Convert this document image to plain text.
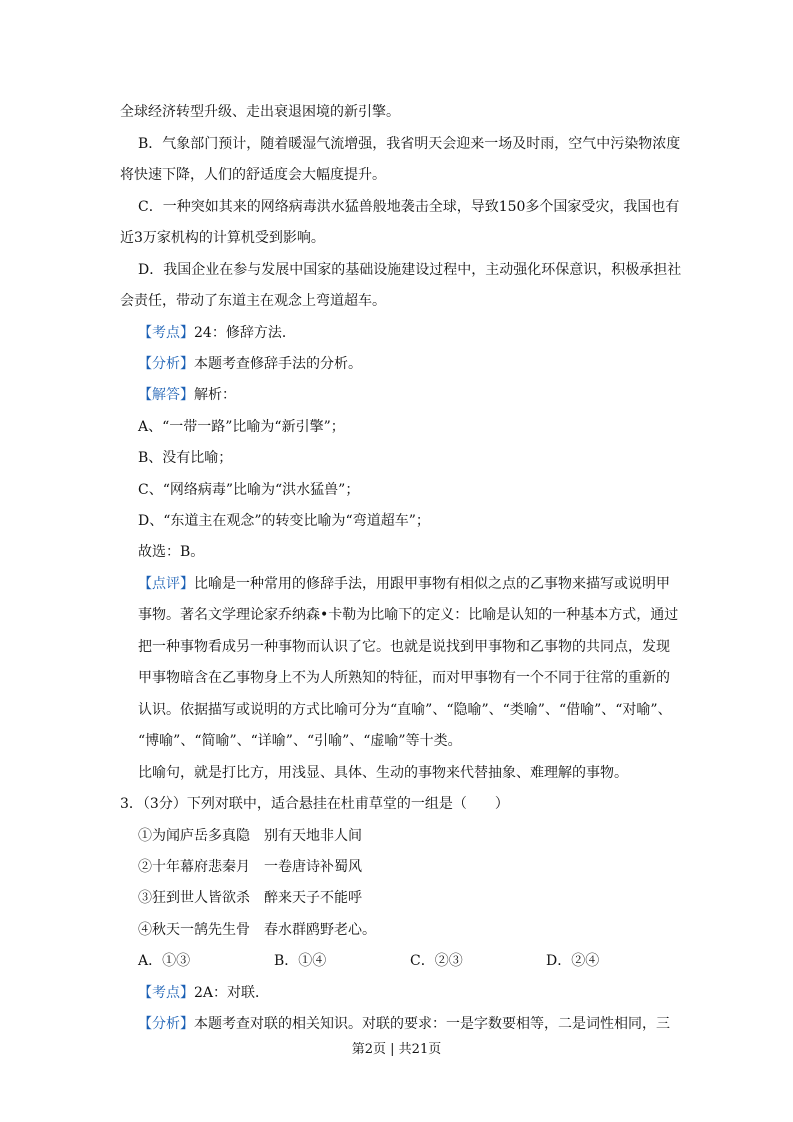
全球经济转型升级、走出衰退困境的新引擎。
B．气象部门预计，随着暖湿气流增强，我省明天会迎来一场及时雨，空气中污染物浓度
将快速下降，人们的舒适度会大幅度提升。
C．一种突如其来的网络病毒洪水猛兽般地袭击全球，导致150多个国家受灾，我国也有
近3万家机构的计算机受到影响。
D．我国企业在参与发展中国家的基础设施建设过程中，主动强化环保意识，积极承担社
会责任，带动了东道主在观念上弯道超车。
【考点】24：修辞方法．
【分析】本题考查修辞手法的分析。
【解答】解析：
A、“一带一路”比喻为“新引擎”；
B、没有比喻；
C、“网络病毒”比喻为“洪水猛兽”；
D、“东道主在观念”的转变比喻为“弯道超车”；
故选：B。
【点评】比喻是一种常用的修辞手法，用跟甲事物有相似之点的乙事物来描写或说明甲
事物。著名文学理论家乔纳森•卡勒为比喻下的定义：比喻是认知的一种基本方式，通过
把一种事物看成另一种事物而认识了它。也就是说找到甲事物和乙事物的共同点，发现
甲事物暗含在乙事物身上不为人所熟知的特征，而对甲事物有一个不同于往常的重新的
认识。依据描写或说明的方式比喻可分为“直喻”、“隐喻”、“类喻”、“借喻”、“对喻”、
“博喻”、“简喻”、“详喻”、“引喻”、“虚喻”等十类。
比喻句，就是打比方，用浅显、具体、生动的事物来代替抽象、难理解的事物。
3．（3分）下列对联中，适合悬挂在杜甫草堂的一组是（　　）
①为闻庐岳多真隐　别有天地非人间
②十年幕府悲秦月　一卷唐诗补蜀风
③狂到世人皆欲杀　醉来天子不能呼
④秋天一鹄先生骨　春水群鸥野老心。
A．①③	B．①④	C．②③	D．②④
【考点】2A：对联．
【分析】本题考查对联的相关知识。对联的要求：一是字数要相等，二是词性相同，三
第2页 | 共21页
